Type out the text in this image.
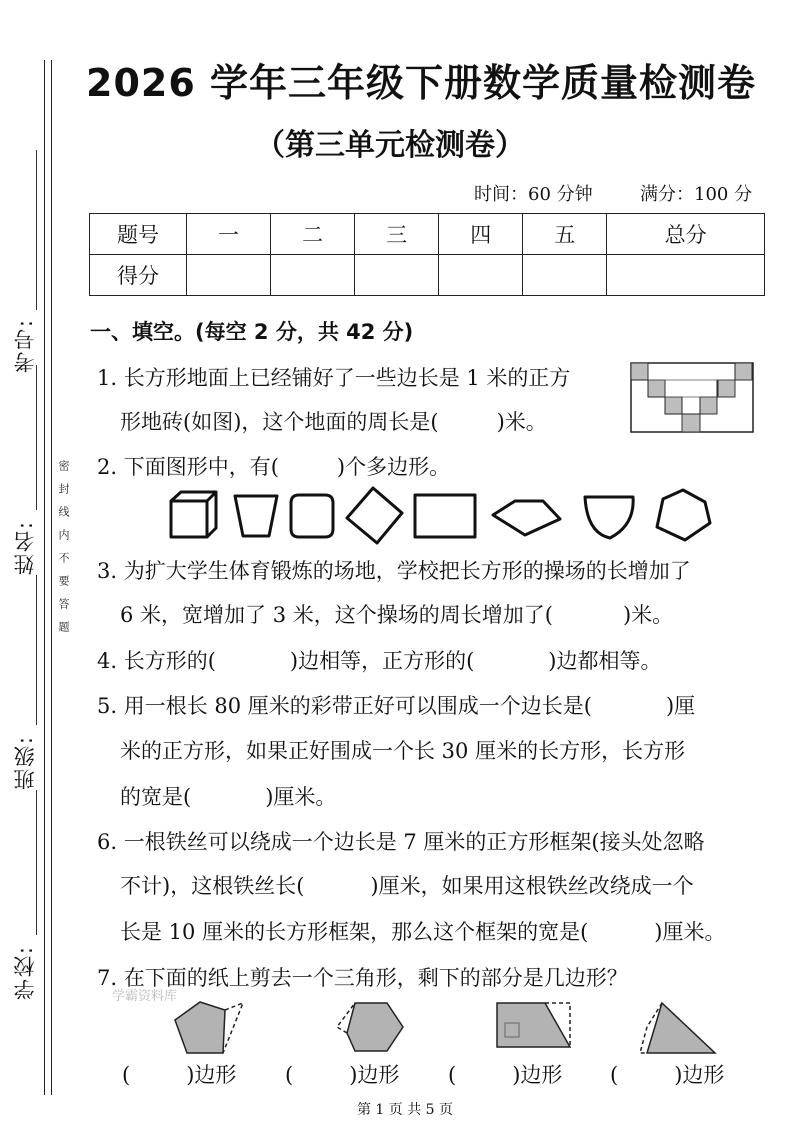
考号:
姓名:
班级:
学校:
密封线内不要答题
2026 学年三年级下册数学质量检测卷
（第三单元检测卷）
时间：60 分钟	满分：100 分
题号	一	二	三	四	五	总分
得分						
一、填空。(每空 2 分，共 42 分)
1. 长方形地面上已经铺好了一些边长是 1 米的正方
形地砖(如图)，这个地面的周长是(	)米。
2. 下面图形中，有(	)个多边形。
3. 为扩大学生体育锻炼的场地，学校把长方形的操场的长增加了
6 米，宽增加了 3 米，这个操场的周长增加了(	)米。
4. 长方形的(	)边相等，正方形的(	)边都相等。
5. 用一根长 80 厘米的彩带正好可以围成一个边长是(	)厘
米的正方形，如果正好围成一个长 30 厘米的长方形，长方形
的宽是(	)厘米。
6. 一根铁丝可以绕成一个边长是 7 厘米的正方形框架(接头处忽略
不计)，这根铁丝长(	)厘米，如果用这根铁丝改绕成一个
长是 10 厘米的长方形框架，那么这个框架的宽是(	)厘米。
7. 在下面的纸上剪去一个三角形，剩下的部分是几边形？
学霸资料库
(	)边形 (	)边形 (	)边形 (	)边形
第 1 页 共 5 页
